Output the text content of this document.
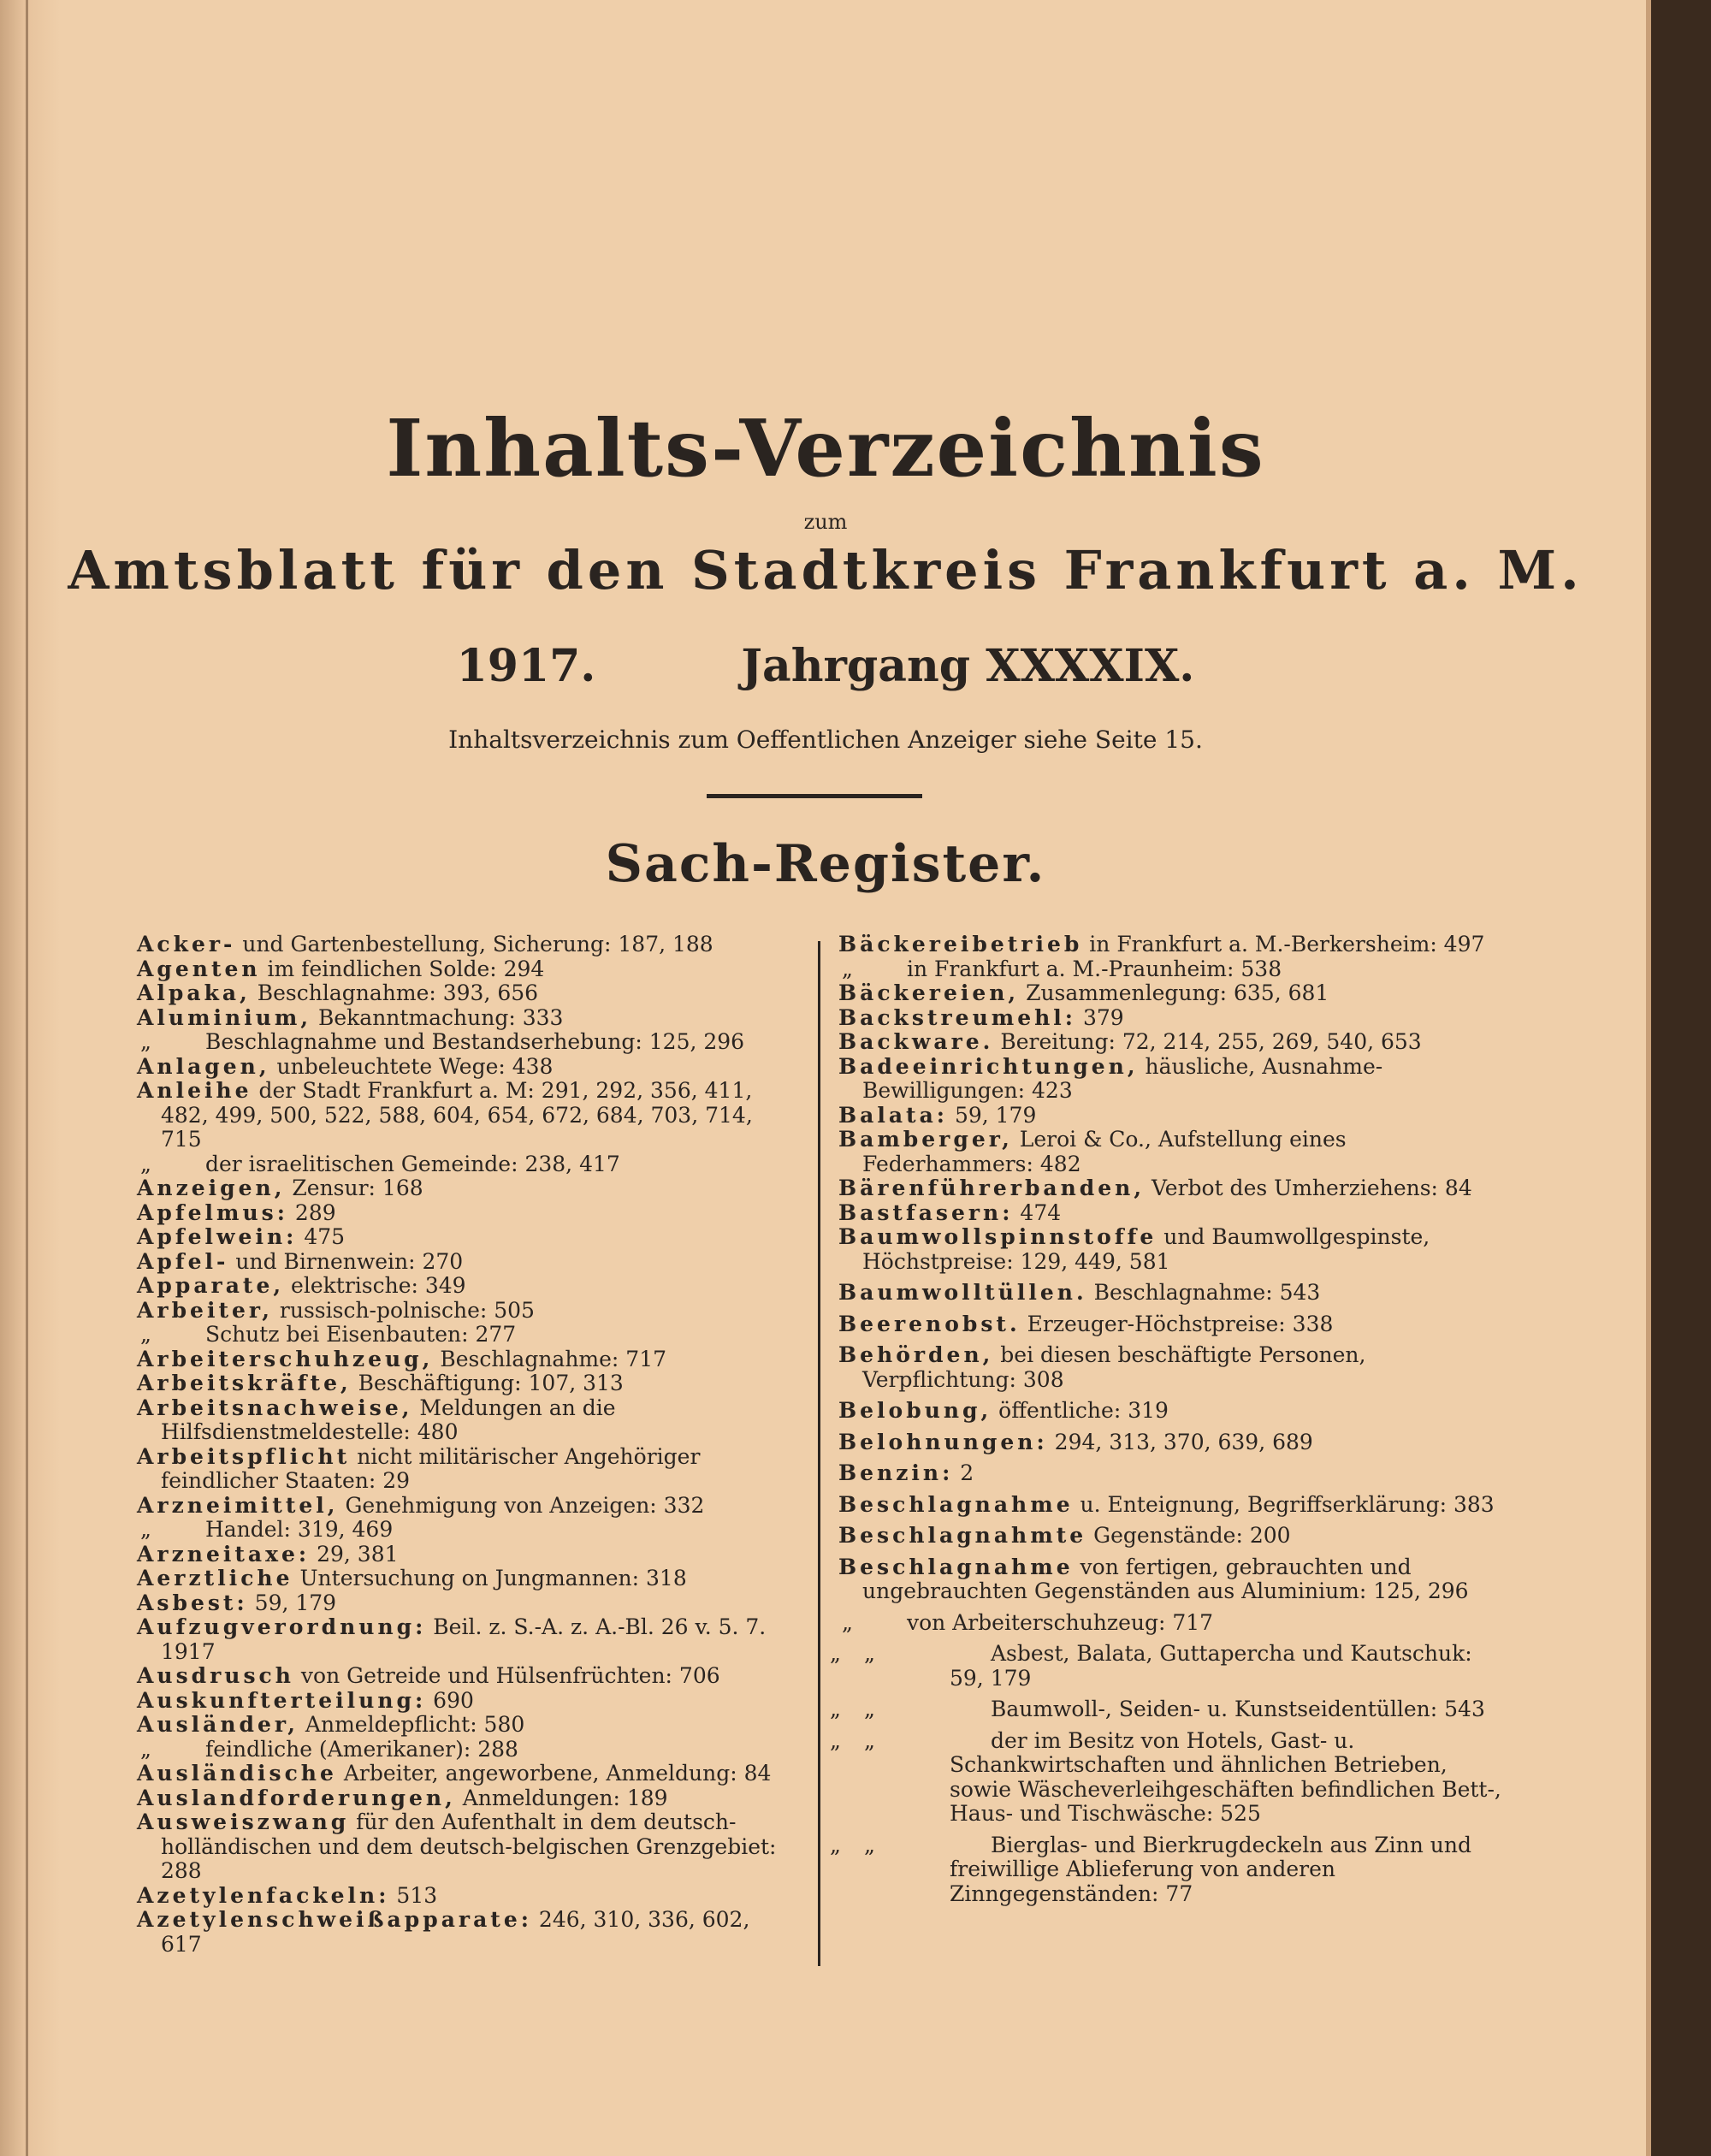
Inhalts-Verzeichnis
zum
Amtsblatt für den Stadtkreis Frankfurt a. M.
1917.	Jahrgang XXXXIX.
Inhaltsverzeichnis zum Oeffentlichen Anzeiger siehe Seite 15.
Sach-Register.

Acker- und Gartenbestellung, Sicherung: 187, 188

Agenten im feindlichen Solde: 294

Alpaka, Beschlagnahme: 393, 656

Aluminium, Bekanntmachung: 333

„ Beschlagnahme und Bestandserhebung: 125, 296

Anlagen, unbeleuchtete Wege: 438

Anleihe der Stadt Frankfurt a. M: 291, 292, 356, 411, 482, 499, 500, 522, 588, 604, 654, 672, 684, 703, 714, 715

„ der israelitischen Gemeinde: 238, 417

Anzeigen, Zensur: 168

Apfelmus: 289

Apfelwein: 475

Apfel- und Birnenwein: 270

Apparate, elektrische: 349

Arbeiter, russisch-polnische: 505

„ Schutz bei Eisenbauten: 277

Arbeiterschuhzeug, Beschlagnahme: 717

Arbeitskräfte, Beschäftigung: 107, 313

Arbeitsnachweise, Meldungen an die Hilfsdienstmeldestelle: 480

Arbeitspflicht nicht militärischer Angehöriger feindlicher Staaten: 29

Arzneimittel, Genehmigung von Anzeigen: 332

„ Handel: 319, 469

Arzneitaxe: 29, 381

Aerztliche Untersuchung on Jungmannen: 318

Asbest: 59, 179

Aufzugverordnung: Beil. z. S.-A. z. A.-Bl. 26 v. 5. 7. 1917

Ausdrusch von Getreide und Hülsenfrüchten: 706

Auskunfterteilung: 690

Ausländer, Anmeldepflicht: 580

„ feindliche (Amerikaner): 288

Ausländische Arbeiter, angeworbene, Anmeldung: 84

Auslandforderungen, Anmeldungen: 189

Ausweiszwang für den Aufenthalt in dem deutsch-holländischen und dem deutsch-belgischen Grenzgebiet: 288

Azetylenfackeln: 513

Azetylenschweißapparate: 246, 310, 336, 602, 617

Bäckereibetrieb in Frankfurt a. M.-Berkersheim: 497

„ in Frankfurt a. M.-Praunheim: 538

Bäckereien, Zusammenlegung: 635, 681

Backstreumehl: 379

Backware. Bereitung: 72, 214, 255, 269, 540, 653

Badeeinrichtungen, häusliche, Ausnahme-Bewilligungen: 423

Balata: 59, 179

Bamberger, Leroi & Co., Aufstellung eines Federhammers: 482

Bärenführerbanden, Verbot des Umherziehens: 84

Bastfasern: 474

Baumwollspinnstoffe und Baumwollgespinste, Höchstpreise: 129, 449, 581

Baumwolltüllen. Beschlagnahme: 543

Beerenobst. Erzeuger-Höchstpreise: 338

Behörden, bei diesen beschäftigte Personen, Verpflichtung: 308

Belobung, öffentliche: 319

Belohnungen: 294, 313, 370, 639, 689

Benzin: 2

Beschlagnahme u. Enteignung, Begriffserklärung: 383

Beschlagnahmte Gegenstände: 200

Beschlagnahme von fertigen, gebrauchten und ungebrauchten Gegenständen aus Aluminium: 125, 296

„ von Arbeiterschuhzeug: 717

„ „	Asbest, Balata, Guttapercha und Kautschuk: 59, 179

„ „	Baumwoll-, Seiden- u. Kunstseidentüllen: 543

„ „	der im Besitz von Hotels, Gast- u. Schankwirtschaften und ähnlichen Betrieben, sowie Wäscheverleihgeschäften befindlichen Bett-, Haus- und Tischwäsche: 525

„ „	Bierglas- und Bierkrugdeckeln aus Zinn und freiwillige Ablieferung von anderen Zinngegenständen: 77
